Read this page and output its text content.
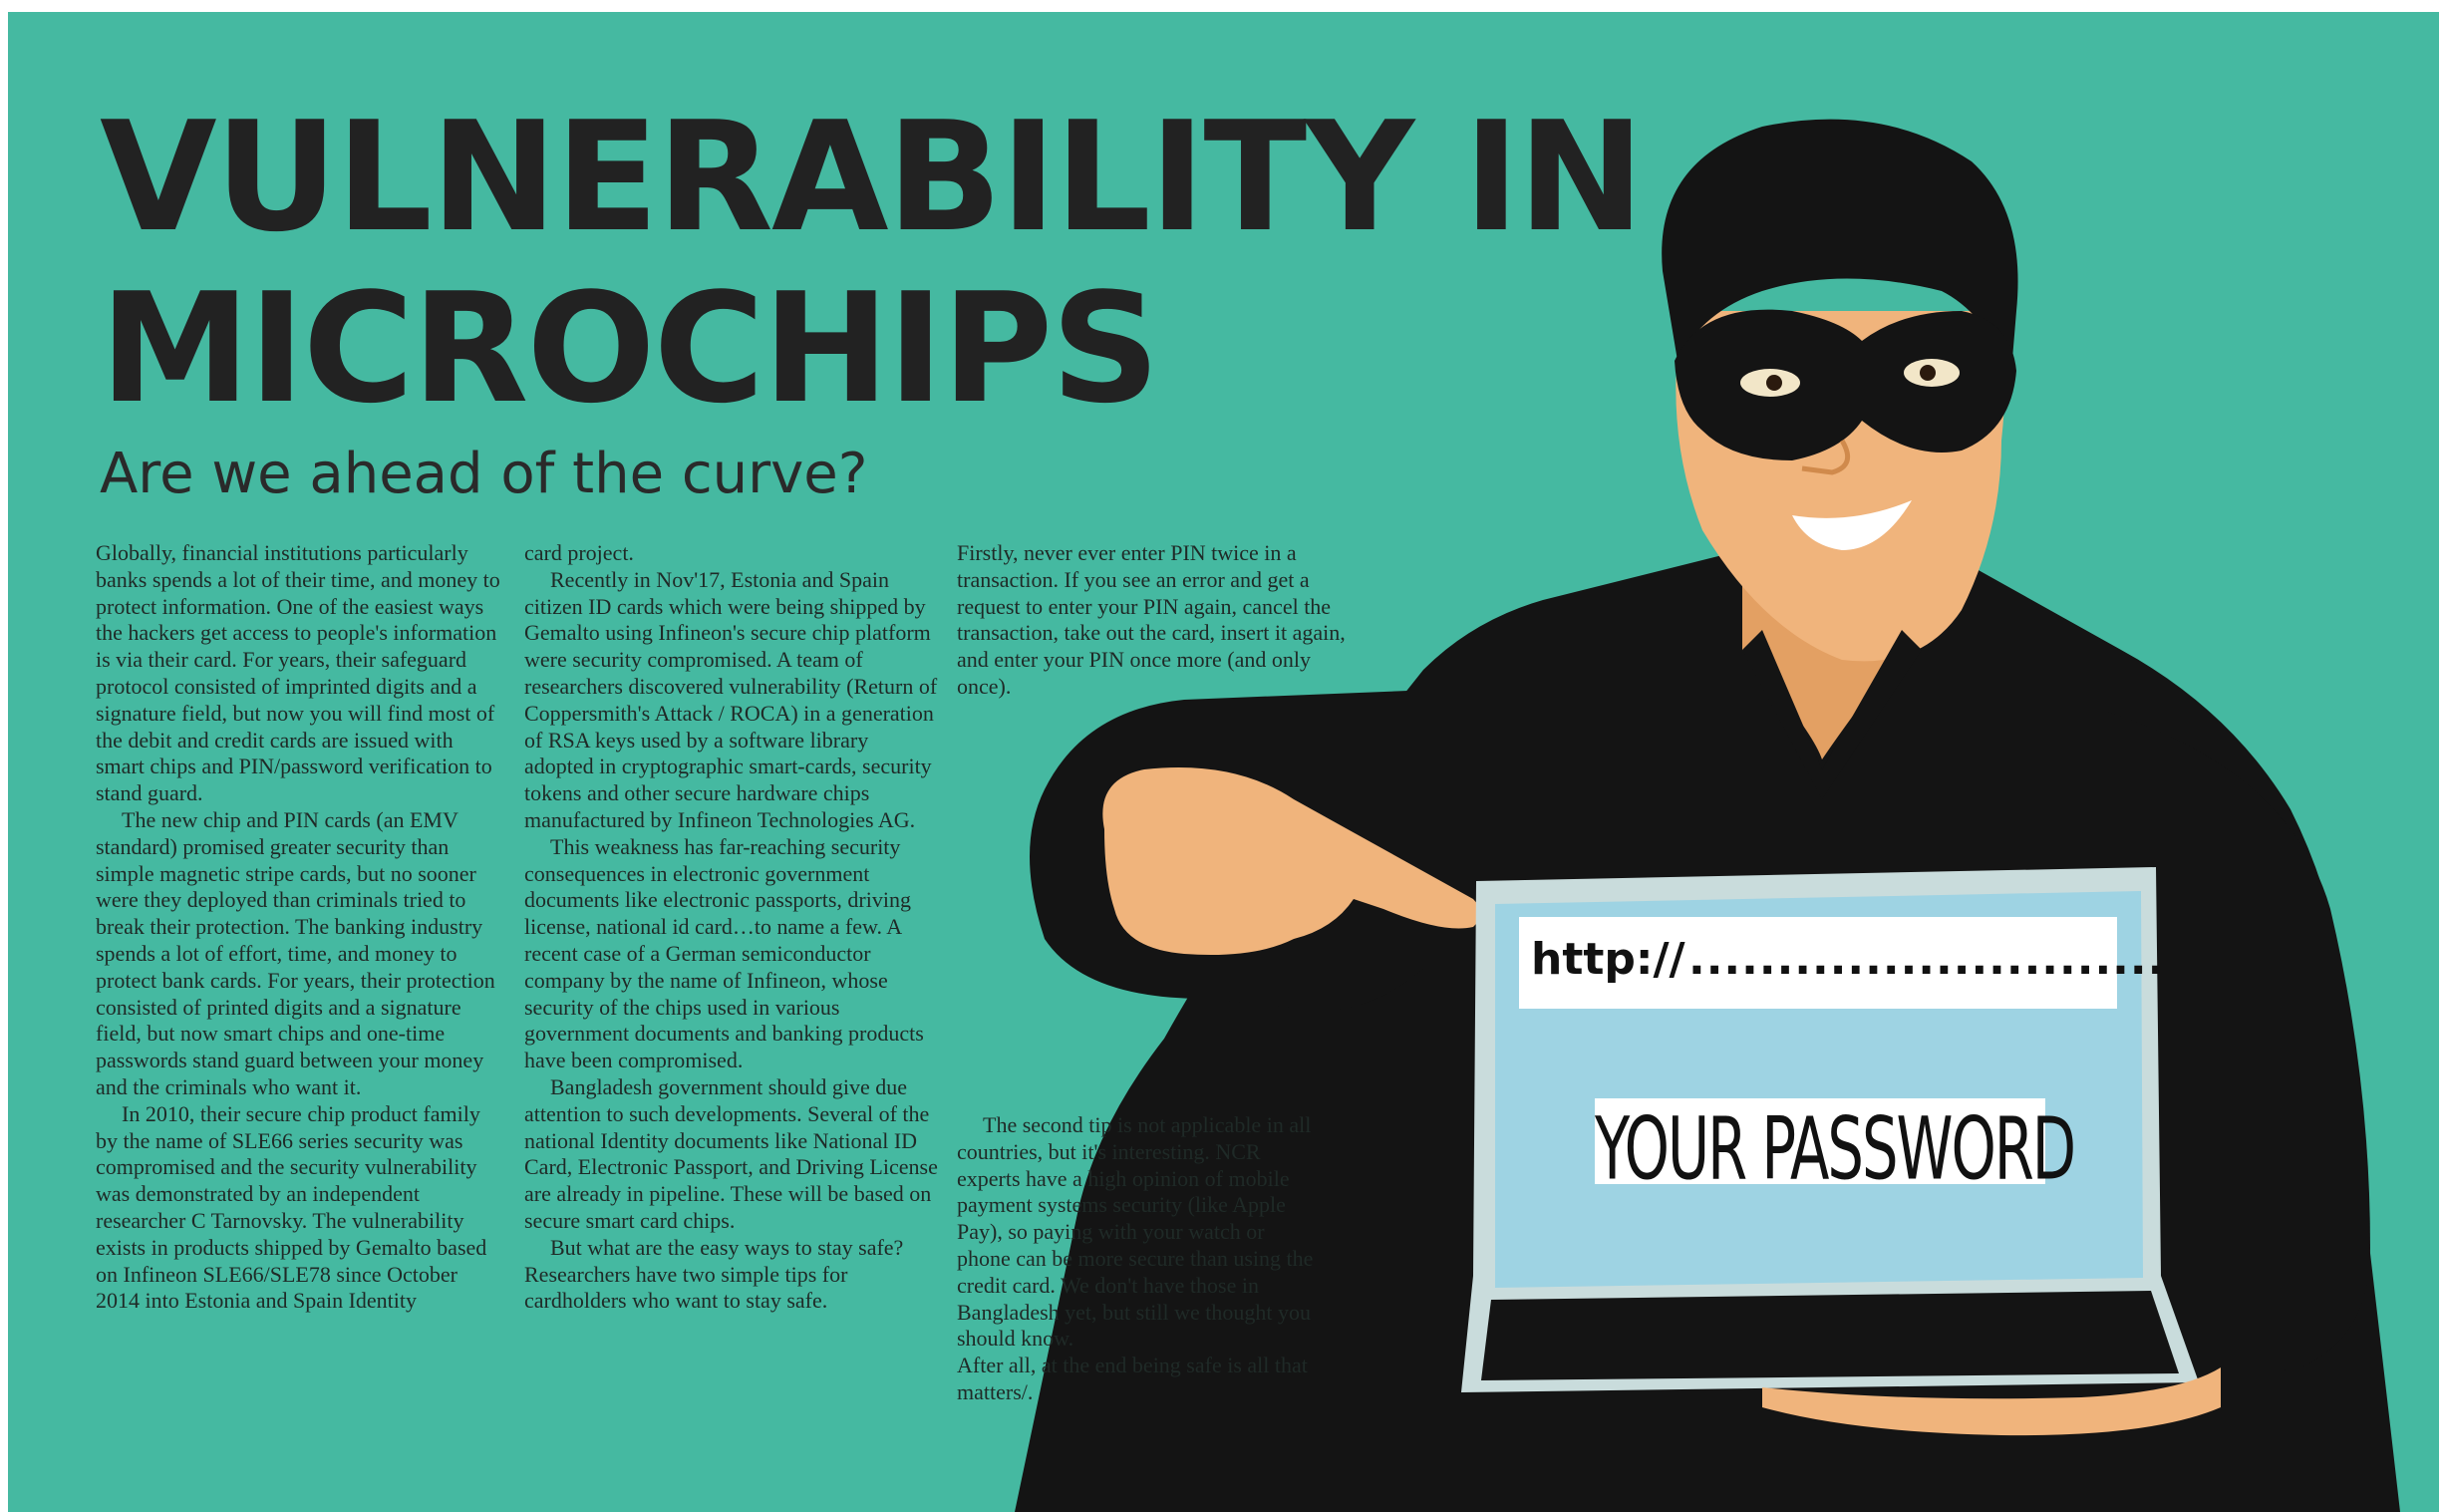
VULNERABILITY IN
MICROCHIPS
Are we ahead of the curve?

Globally, financial institutions particularly banks spends a lot of their time, and money to protect information. One of the easiest ways the hackers get access to people's information is via their card. For years, their safeguard protocol consisted of imprinted digits and a signature field, but now you will find most of the debit and credit cards are issued with smart chips and PIN/password verification to stand guard.

The new chip and PIN cards (an EMV standard) promised greater security than simple magnetic stripe cards, but no sooner were they deployed than criminals tried to break their protection. The banking industry spends a lot of effort, time, and money to protect bank cards. For years, their protection consisted of printed digits and a signature field, but now smart chips and one-time passwords stand guard between your money and the criminals who want it.

In 2010, their secure chip product family by the name of SLE66 series security was compromised and the security vulnerability was demonstrated by an independent researcher C Tarnovsky. The vulnerability exists in products shipped by Gemalto based on Infineon SLE66/SLE78 since October 2014 into Estonia and Spain Identity

card project.

Recently in Nov'17, Estonia and Spain citizen ID cards which were being shipped by Gemalto using Infineon's secure chip platform were security compromised. A team of researchers discovered vulnerability (Return of Coppersmith's Attack / ROCA) in a generation of RSA keys used by a software library adopted in cryptographic smart-cards, security tokens and other secure hardware chips manufactured by Infineon Technologies AG.

This weakness has far-reaching security consequences in electronic government documents like electronic passports, driving license, national id card…to name a few. A recent case of a German semiconductor company by the name of Infineon, whose security of the chips used in various government documents and banking products have been compromised.

Bangladesh government should give due attention to such developments. Several of the national Identity documents like National ID Card, Electronic Passport, and Driving License are already in pipeline. These will be based on secure smart card chips.

But what are the easy ways to stay safe? Researchers have two simple tips for cardholders who want to stay safe.

Firstly, never ever enter PIN twice in a transaction. If you see an error and get a request to enter your PIN again, cancel the transaction, take out the card, insert it again, and enter your PIN once more (and only once).

The second tip is not applicable in all countries, but it's interesting. NCR experts have a high opinion of mobile payment systems security (like Apple Pay), so paying with your watch or phone can be more secure than using the credit card. We don't have those in Bangladesh yet, but still we thought you should know.

After all, at the end being safe is all that matters/.

http:// ...........................
YOUR PASSWORD
